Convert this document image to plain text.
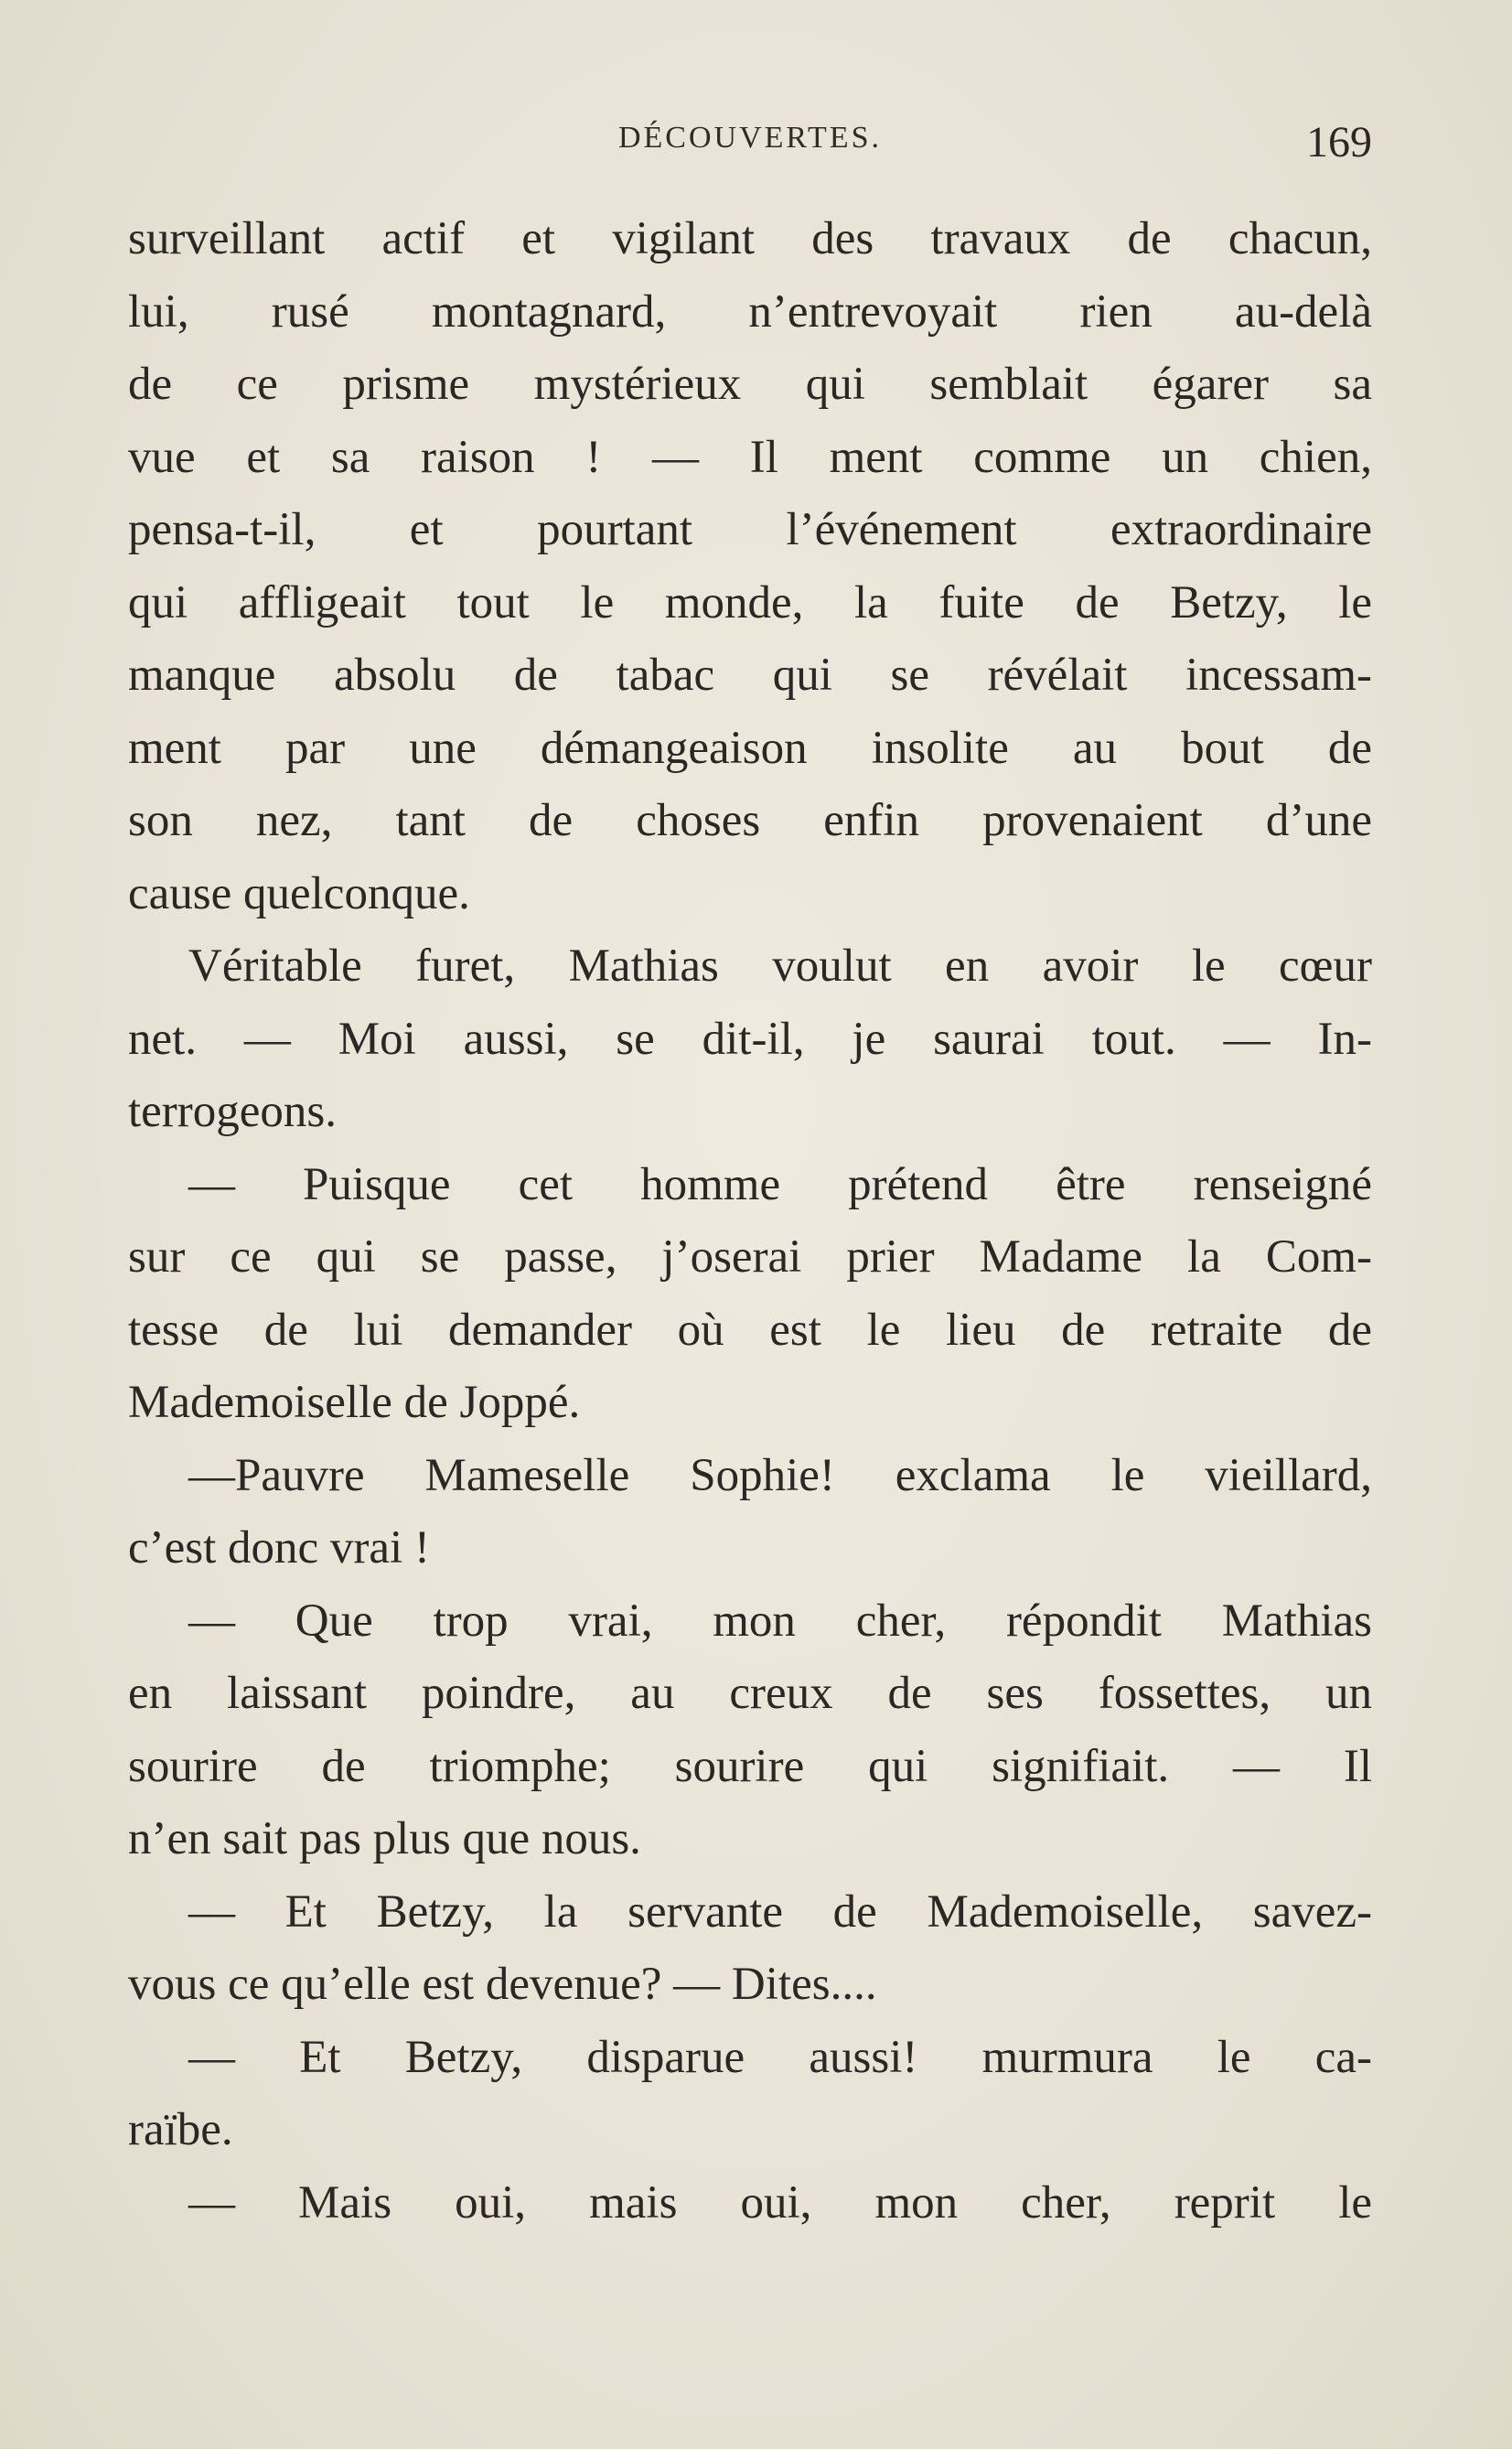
DÉCOUVERTES.	169
surveillant actif et vigilant des travaux de chacun,
lui, rusé montagnard, n’entrevoyait rien au-delà
de ce prisme mystérieux qui semblait égarer sa
vue et sa raison ! — Il ment comme un chien,
pensa-t-il, et pourtant l’événement extraordinaire
qui affligeait tout le monde, la fuite de Betzy, le
manque absolu de tabac qui se révélait incessam-
ment par une démangeaison insolite au bout de
son nez, tant de choses enfin provenaient d’une
cause quelconque.
Véritable furet, Mathias voulut en avoir le cœur
net. — Moi aussi, se dit-il, je saurai tout. — In-
terrogeons.
— Puisque cet homme prétend être renseigné
sur ce qui se passe, j’oserai prier Madame la Com-
tesse de lui demander où est le lieu de retraite de
Mademoiselle de Joppé.
—Pauvre Mameselle Sophie! exclama le vieillard,
c’est donc vrai !
— Que trop vrai, mon cher, répondit Mathias
en laissant poindre, au creux de ses fossettes, un
sourire de triomphe; sourire qui signifiait. — Il
n’en sait pas plus que nous.
— Et Betzy, la servante de Mademoiselle, savez-
vous ce qu’elle est devenue? — Dites....
— Et Betzy, disparue aussi! murmura le ca-
raïbe.
— Mais oui, mais oui, mon cher, reprit le
